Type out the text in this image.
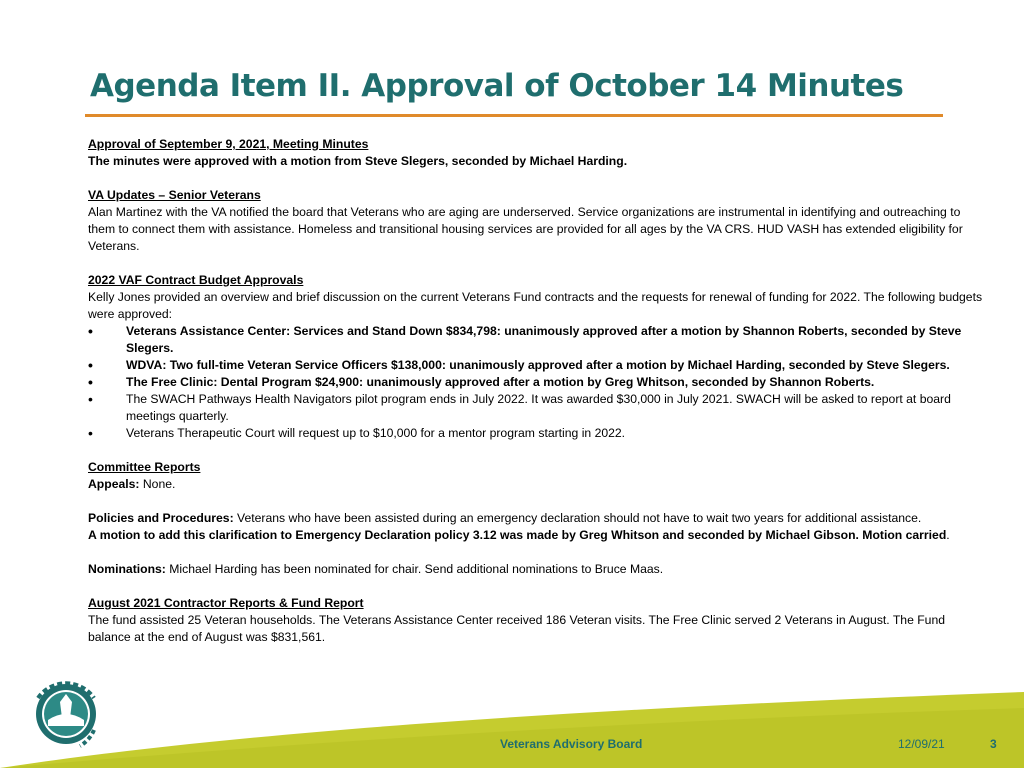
Agenda Item II. Approval of October 14 Minutes

Approval of September 9, 2021, Meeting Minutes

The minutes were approved with a motion from Steve Slegers, seconded by Michael Harding.

VA Updates – Senior Veterans

Alan Martinez with the VA notified the board that Veterans who are aging are underserved. Service organizations are instrumental in identifying and outreaching to them to connect them with assistance. Homeless and transitional housing services are provided for all ages by the VA CRS. HUD VASH has extended eligibility for Veterans.

2022 VAF Contract Budget Approvals

Kelly Jones provided an overview and brief discussion on the current Veterans Fund contracts and the requests for renewal of funding for 2022. The following budgets were approved:

• Veterans Assistance Center: Services and Stand Down $834,798: unanimously approved after a motion by Shannon Roberts, seconded by Steve Slegers.
• WDVA: Two full-time Veteran Service Officers $138,000: unanimously approved after a motion by Michael Harding, seconded by Steve Slegers.
• The Free Clinic: Dental Program $24,900: unanimously approved after a motion by Greg Whitson, seconded by Shannon Roberts.
• The SWACH Pathways Health Navigators pilot program ends in July 2022. It was awarded $30,000 in July 2021. SWACH will be asked to report at board meetings quarterly.
• Veterans Therapeutic Court will request up to $10,000 for a mentor program starting in 2022.

Committee Reports

Appeals: None.

Policies and Procedures: Veterans who have been assisted during an emergency declaration should not have to wait two years for additional assistance.
A motion to add this clarification to Emergency Declaration policy 3.12 was made by Greg Whitson and seconded by Michael Gibson. Motion carried.

Nominations: Michael Harding has been nominated for chair. Send additional nominations to Bruce Maas.

August 2021 Contractor Reports & Fund Report

The fund assisted 25 Veteran households. The Veterans Assistance Center received 186 Veteran visits. The Free Clinic served 2 Veterans in August. The Fund balance at the end of August was $831,561.

Veterans Advisory Board	12/09/21	3
